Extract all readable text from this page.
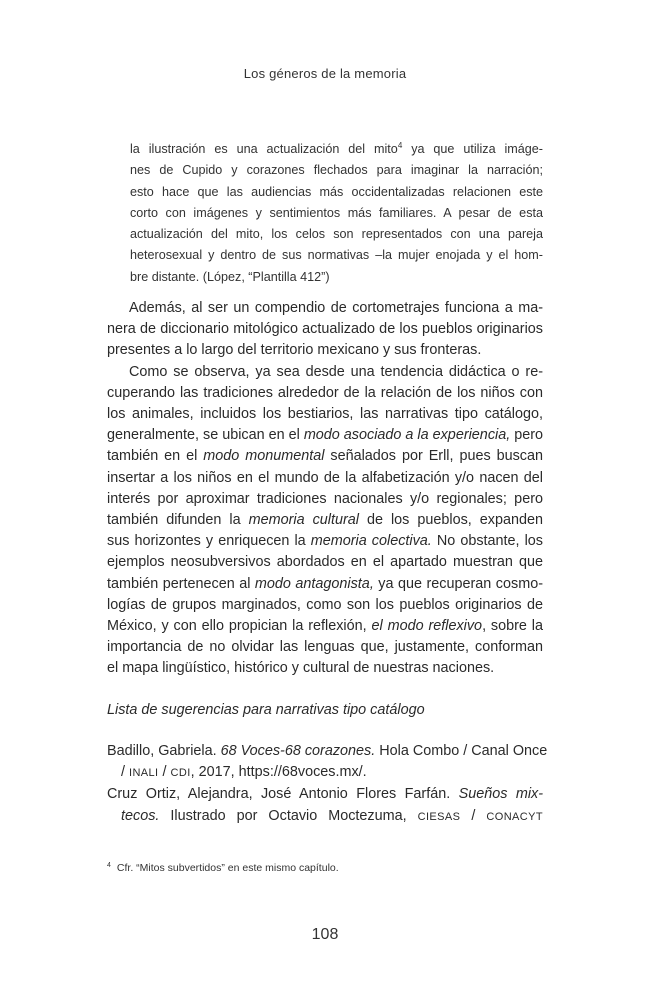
Los géneros de la memoria
la ilustración es una actualización del mito$^4$ ya que utiliza imáge-
nes de Cupido y corazones flechados para imaginar la narración;
esto hace que las audiencias más occidentalizadas relacionen este
corto con imágenes y sentimientos más familiares. A pesar de esta
actualización del mito, los celos son representados con una pareja
heterosexual y dentro de sus normativas –la mujer enojada y el hom-
bre distante. (López, “Plantilla 412”)
Además, al ser un compendio de cortometrajes funciona a ma-
nera de diccionario mitológico actualizado de los pueblos originarios
presentes a lo largo del territorio mexicano y sus fronteras.
Como se observa, ya sea desde una tendencia didáctica o re-
cuperando las tradiciones alrededor de la relación de los niños con
los animales, incluidos los bestiarios, las narrativas tipo catálogo,
generalmente, se ubican en el modo asociado a la experiencia, pero
también en el modo monumental señalados por Erll, pues buscan
insertar a los niños en el mundo de la alfabetización y/o nacen del
interés por aproximar tradiciones nacionales y/o regionales; pero
también difunden la memoria cultural de los pueblos, expanden
sus horizontes y enriquecen la memoria colectiva. No obstante, los
ejemplos neosubversivos abordados en el apartado muestran que
también pertenecen al modo antagonista, ya que recuperan cosmo-
logías de grupos marginados, como son los pueblos originarios de
México, y con ello propician la reflexión, el modo reflexivo, sobre la
importancia de no olvidar las lenguas que, justamente, conforman
el mapa lingüístico, histórico y cultural de nuestras naciones.
Lista de sugerencias para narrativas tipo catálogo
Badillo, Gabriela. 68 Voces-68 corazones. Hola Combo / Canal Once
/ INALI / CDI, 2017, https://68voces.mx/.
Cruz Ortiz, Alejandra, José Antonio Flores Farfán. Sueños mix-
tecos. Ilustrado por Octavio Moctezuma, CIESAS / CONACYT
$^4$ Cfr. “Mitos subvertidos” en este mismo capítulo.
108
